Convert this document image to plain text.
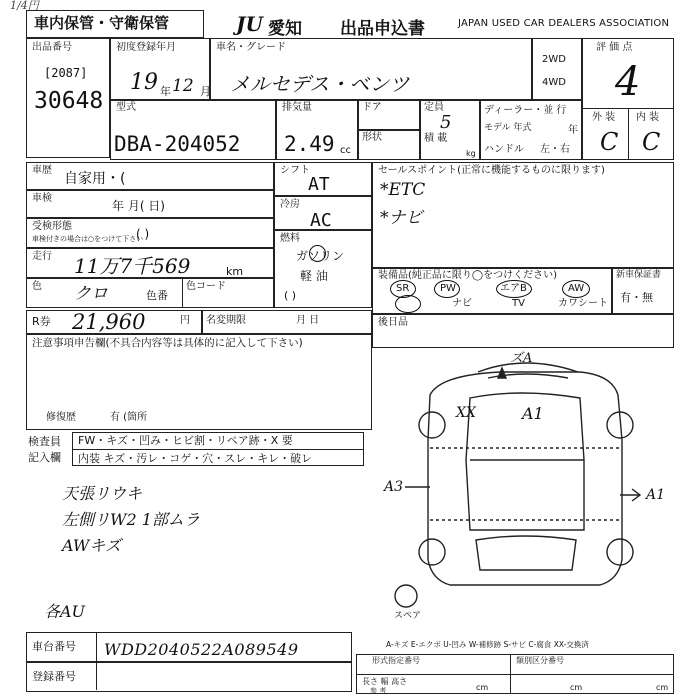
車内保管・守衛保管	JU 愛知 出品申込書	JAPAN USED CAR DEALERS ASSOCIATION
1/4円
出品番号
[2087]
30648
初度登録年月
19 年 12 月
車名・グレード
メルセデス・ベンツ
2WD
4WD
評 価 点
4
外 装 内 装
C C
型式
DBA-204052
排気量
2.49 cc
ドア
形状
定員
5
積 載
kg
ディーラー・並 行
モデル 年式	年
ハンドル 左・右
車歴
自家用・(
車検
年 月( 日)
受検形態
車検付きの場合は○をつけて下さい
( )
走行 11万7千569	km
色 クロ	色番
色コード
シフト
AT
冷房
AC
燃料
ガソリン
軽 油
( )
セールスポイント(正常に機能するものに限ります)
*ETC
*ナビ
装備品(純正品に限り◯をつけください)
SR	PW	エアB	AW
ナビ	TV	カワシート
新車保証書
有・無
R券 21,960	円 名変期限	月 日	後日品
注意事項申告欄(不具合内容等は具体的に記入して下さい)
修復歴	有 (箇所
検査員
記入欄
FW・キズ・凹み・ヒビ割・リペア跡・X 要
内装 キズ・汚レ・コゲ・穴・スレ・キレ・破レ
天張リウキ
左側リW2 1部ムラ
AWキズ
各AU
車台番号 WDD2040522A089549
登録番号
A-キズ E-エクボ U-凹み W-補修跡 S-サビ C-腐食 XX-交換済
形式指定番号	類別区分番号
長さ 幅 高さ
参 考	cm	cm	cm
XX	A1
ズA
A3	A1
スペア
